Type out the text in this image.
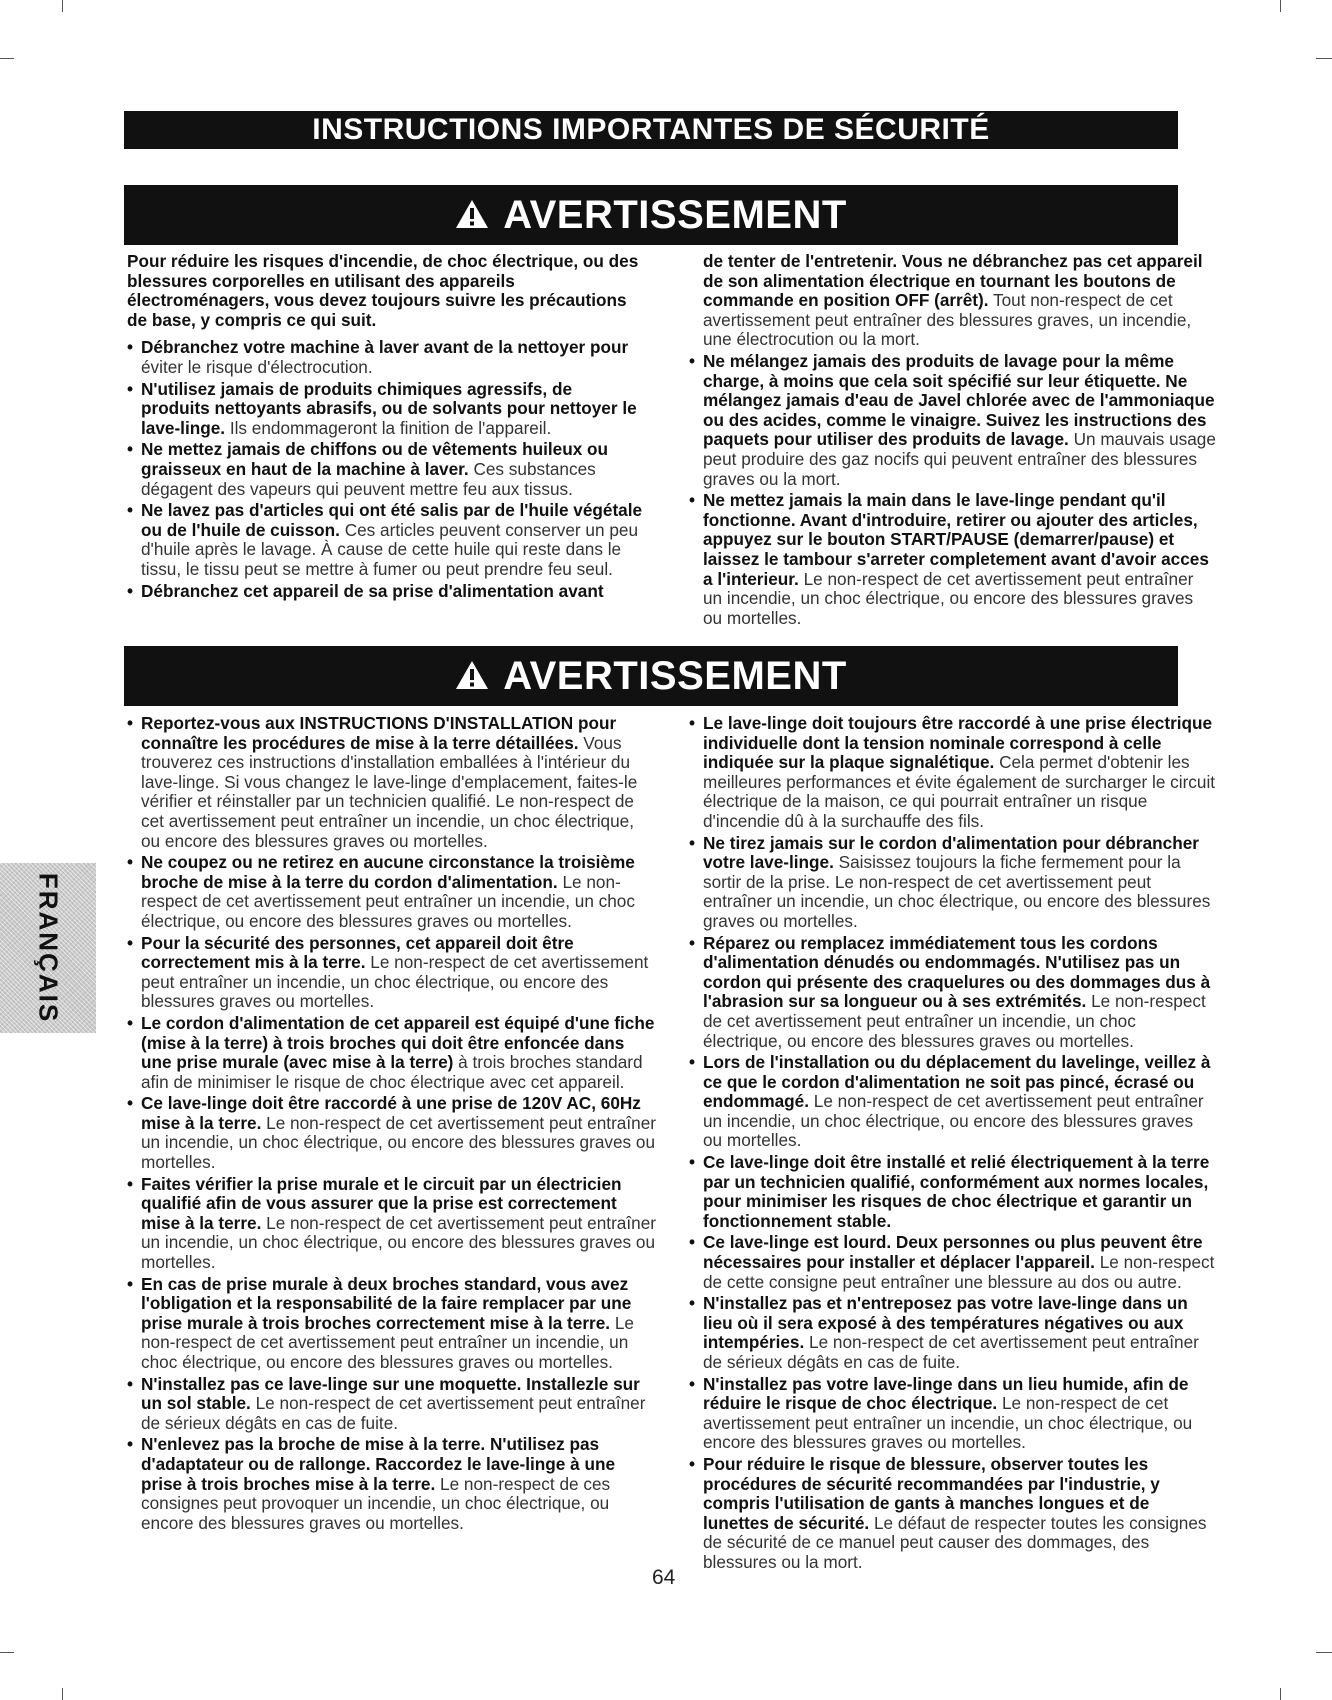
INSTRUCTIONS IMPORTANTES DE SÉCURITÉ
AVERTISSEMENT

Pour réduire les risques d'incendie, de choc électrique, ou des blessures corporelles en utilisant des appareils électroménagers, vous devez toujours suivre les précautions de base, y compris ce qui suit.

• Débranchez votre machine à laver avant de la nettoyer pour éviter le risque d'électrocution.

• N'utilisez jamais de produits chimiques agressifs, de produits nettoyants abrasifs, ou de solvants pour nettoyer le lave-linge. Ils endommageront la finition de l'appareil.

• Ne mettez jamais de chiffons ou de vêtements huileux ou graisseux en haut de la machine à laver. Ces substances dégagent des vapeurs qui peuvent mettre feu aux tissus.

• Ne lavez pas d'articles qui ont été salis par de l'huile végétale ou de l'huile de cuisson. Ces articles peuvent conserver un peu d'huile après le lavage. À cause de cette huile qui reste dans le tissu, le tissu peut se mettre à fumer ou peut prendre feu seul.

• Débranchez cet appareil de sa prise d'alimentation avant

de tenter de l'entretenir. Vous ne débranchez pas cet appareil de son alimentation électrique en tournant les boutons de commande en position OFF (arrêt). Tout non-respect de cet avertissement peut entraîner des blessures graves, un incendie, une électrocution ou la mort.

• Ne mélangez jamais des produits de lavage pour la même charge, à moins que cela soit spécifié sur leur étiquette. Ne mélangez jamais d'eau de Javel chlorée avec de l'ammoniaque ou des acides, comme le vinaigre. Suivez les instructions des paquets pour utiliser des produits de lavage. Un mauvais usage peut produire des gaz nocifs qui peuvent entraîner des blessures graves ou la mort.

• Ne mettez jamais la main dans le lave-linge pendant qu'il fonctionne. Avant d'introduire, retirer ou ajouter des articles, appuyez sur le bouton START/PAUSE (demarrer/pause) et laissez le tambour s'arreter completement avant d'avoir acces a l'interieur. Le non-respect de cet avertissement peut entraîner un incendie, un choc électrique, ou encore des blessures graves ou mortelles.

AVERTISSEMENT

• Reportez-vous aux INSTRUCTIONS D'INSTALLATION pour connaître les procédures de mise à la terre détaillées. Vous trouverez ces instructions d'installation emballées à l'intérieur du lave-linge. Si vous changez le lave-linge d'emplacement, faites-le vérifier et réinstaller par un technicien qualifié. Le non-respect de cet avertissement peut entraîner un incendie, un choc électrique, ou encore des blessures graves ou mortelles.

• Ne coupez ou ne retirez en aucune circonstance la troisième broche de mise à la terre du cordon d'alimentation. Le non-respect de cet avertissement peut entraîner un incendie, un choc électrique, ou encore des blessures graves ou mortelles.

• Pour la sécurité des personnes, cet appareil doit être correctement mis à la terre. Le non-respect de cet avertissement peut entraîner un incendie, un choc électrique, ou encore des blessures graves ou mortelles.

• Le cordon d'alimentation de cet appareil est équipé d'une fiche (mise à la terre) à trois broches qui doit être enfoncée dans une prise murale (avec mise à la terre) à trois broches standard afin de minimiser le risque de choc électrique avec cet appareil.

• Ce lave-linge doit être raccordé à une prise de 120V AC, 60Hz mise à la terre. Le non-respect de cet avertissement peut entraîner un incendie, un choc électrique, ou encore des blessures graves ou mortelles.

• Faites vérifier la prise murale et le circuit par un électricien qualifié afin de vous assurer que la prise est correctement mise à la terre. Le non-respect de cet avertissement peut entraîner un incendie, un choc électrique, ou encore des blessures graves ou mortelles.

• En cas de prise murale à deux broches standard, vous avez l'obligation et la responsabilité de la faire remplacer par une prise murale à trois broches correctement mise à la terre. Le non-respect de cet avertissement peut entraîner un incendie, un choc électrique, ou encore des blessures graves ou mortelles.

• N'installez pas ce lave-linge sur une moquette. Installezle sur un sol stable. Le non-respect de cet avertissement peut entraîner de sérieux dégâts en cas de fuite.

• N'enlevez pas la broche de mise à la terre. N'utilisez pas d'adaptateur ou de rallonge. Raccordez le lave-linge à une prise à trois broches mise à la terre. Le non-respect de ces consignes peut provoquer un incendie, un choc électrique, ou encore des blessures graves ou mortelles.

• Le lave-linge doit toujours être raccordé à une prise électrique individuelle dont la tension nominale correspond à celle indiquée sur la plaque signalétique. Cela permet d'obtenir les meilleures performances et évite également de surcharger le circuit électrique de la maison, ce qui pourrait entraîner un risque d'incendie dû à la surchauffe des fils.

• Ne tirez jamais sur le cordon d'alimentation pour débrancher votre lave-linge. Saisissez toujours la fiche fermement pour la sortir de la prise. Le non-respect de cet avertissement peut entraîner un incendie, un choc électrique, ou encore des blessures graves ou mortelles.

• Réparez ou remplacez immédiatement tous les cordons d'alimentation dénudés ou endommagés. N'utilisez pas un cordon qui présente des craquelures ou des dommages dus à l'abrasion sur sa longueur ou à ses extrémités. Le non-respect de cet avertissement peut entraîner un incendie, un choc électrique, ou encore des blessures graves ou mortelles.

• Lors de l'installation ou du déplacement du lavelinge, veillez à ce que le cordon d'alimentation ne soit pas pincé, écrasé ou endommagé. Le non-respect de cet avertissement peut entraîner un incendie, un choc électrique, ou encore des blessures graves ou mortelles.

• Ce lave-linge doit être installé et relié électriquement à la terre par un technicien qualifié, conformément aux normes locales, pour minimiser les risques de choc électrique et garantir un fonctionnement stable.

• Ce lave-linge est lourd. Deux personnes ou plus peuvent être nécessaires pour installer et déplacer l'appareil. Le non-respect de cette consigne peut entraîner une blessure au dos ou autre.

• N'installez pas et n'entreposez pas votre lave-linge dans un lieu où il sera exposé à des températures négatives ou aux intempéries. Le non-respect de cet avertissement peut entraîner de sérieux dégâts en cas de fuite.

• N'installez pas votre lave-linge dans un lieu humide, afin de réduire le risque de choc électrique. Le non-respect de cet avertissement peut entraîner un incendie, un choc électrique, ou encore des blessures graves ou mortelles.

• Pour réduire le risque de blessure, observer toutes les procédures de sécurité recommandées par l'industrie, y compris l'utilisation de gants à manches longues et de lunettes de sécurité. Le défaut de respecter toutes les consignes de sécurité de ce manuel peut causer des dommages, des blessures ou la mort.

FRANÇAIS
64
